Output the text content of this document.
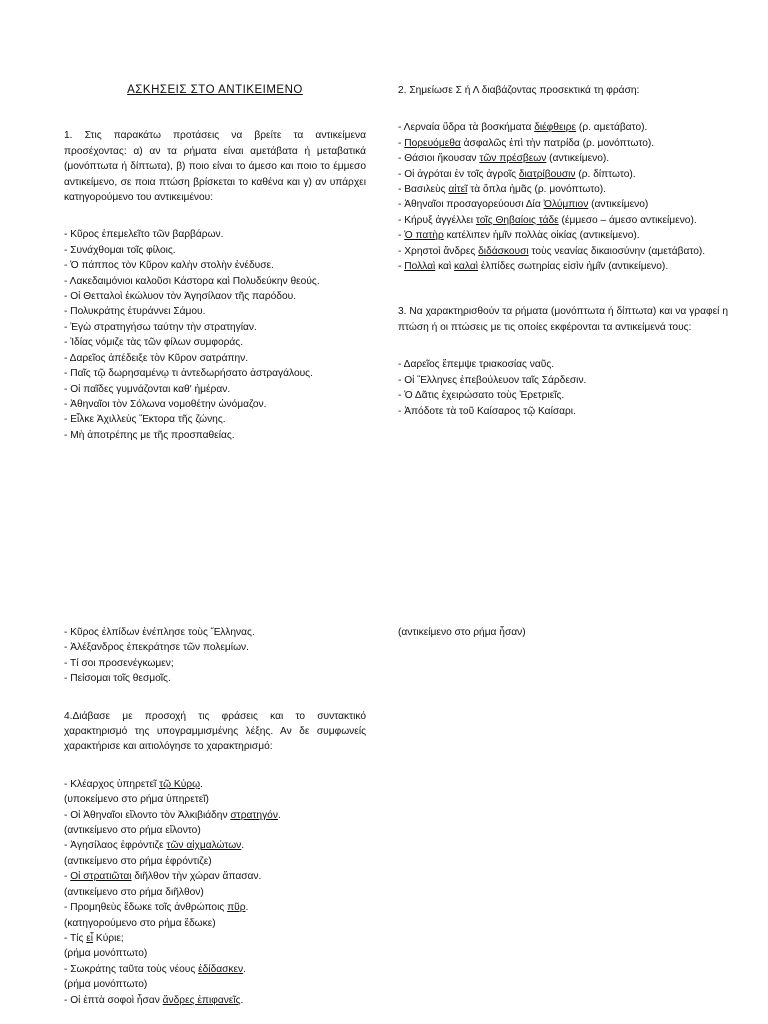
ΑΣΚΗΣΕΙΣ ΣΤΟ ΑΝΤΙΚΕΙΜΕΝΟ

1. Στις παρακάτω προτάσεις να βρείτε τα αντικείμενα προσέχοντας: α) αν τα ρήματα είναι αμετάβατα ή μεταβατικά (μονόπτωτα ή δίπτωτα), β) ποιο είναι το άμεσο και ποιο το έμμεσο αντικείμενο, σε ποια πτώση βρίσκεται το καθένα και γ) αν υπάρχει κατηγορούμενο του αντικειμένου:

- Κῦρος ἐπεμελεῖτο τῶν βαρβάρων.
- Συνάχθομαι τοῖς φίλοις.
- Ὁ πάππος τὸν Κῦρον καλὴν στολὴν ἐνέδυσε.
- Λακεδαιμόνιοι καλοῦσι Κάστορα καὶ Πολυδεύκην θεούς.
- Οἱ Θετταλοὶ ἐκώλυον τὸν Ἀγησίλαον τῆς παρόδου.
- Πολυκράτης ἐτυράννει Σάμου.
- Ἐγὼ στρατηγήσω ταύτην τὴν στρατηγίαν.
- Ἰδίας νόμιζε τὰς τῶν φίλων συμφοράς.
- Δαρεῖος ἀπέδειξε τὸν Κῦρον σατράπην.
- Παῖς τῷ δωρησαμένῳ τι ἀντεδωρήσατο ἀστραγάλους.
- Οἱ παῖδες γυμνάζονται καθ' ἡμέραν.
- Ἀθηναῖοι τὸν Σόλωνα νομοθέτην ὠνόμαζον.
- Εἷλκε Ἀχιλλεὺς Ἕκτορα τῆς ζώνης.
- Μὴ ἀποτρέπης με τῆς προσπαθείας.

2. Σημείωσε Σ ή Λ διαβάζοντας προσεκτικά τη φράση:

- Λερναία ὕδρα τὰ βοσκήματα διέφθειρε (ρ. αμετάβατο).
- Πορευόμεθα ἀσφαλῶς ἐπὶ τὴν πατρίδα (ρ. μονόπτωτο).
- Θάσιοι ἤκουσαν τῶν πρέσβεων (αντικείμενο).
- Οἱ ἀγρόται ἐν τοῖς ἀγροῖς διατρίβουσιν (ρ. δίπτωτο).
- Βασιλεὺς αἰτεῖ τὰ ὅπλα ἡμᾶς (ρ. μονόπτωτο).
- Ἀθηναῖοι προσαγορεύουσι Δία Ὀλύμπιον (αντικείμενο)
- Κήρυξ ἀγγέλλει τοῖς Θηβαίοις τάδε (έμμεσο – άμεσο αντικείμενο).
- Ὁ πατὴρ κατέλιπεν ἡμῖν πολλὰς οἰκίας (αντικείμενο).
- Χρηστοὶ ἄνδρες διδάσκουσι τοὺς νεανίας δικαιοσύνην (αμετάβατο).
- Πολλαὶ καὶ καλαὶ ἐλπίδες σωτηρίας εἰσὶν ἡμῖν (αντικείμενο).

3. Να χαρακτηρισθούν τα ρήματα (μονόπτωτα ή δίπτωτα) και να γραφεί η πτώση ή οι πτώσεις με τις οποίες εκφέρονται τα αντικείμενά τους:

- Δαρεῖος ἔπεμψε τριακοσίας ναῦς.
- Οἱ Ἕλληνες ἐπεβούλευον ταῖς Σάρδεσιν.
- Ὁ Δᾶτις ἐχειρώσατο τοὺς Ἐρετριεῖς.
- Ἀπόδοτε τὰ τοῦ Καίσαρος τῷ Καίσαρι.
- Κῦρος ἐλπίδων ἐνέπλησε τοὺς Ἕλληνας.
- Ἀλέξανδρος ἐπεκράτησε τῶν πολεμίων.
- Τί σοι προσενέγκωμεν;
- Πείσομαι τοῖς θεσμοῖς.

4.Διάβασε με προσοχή τις φράσεις και το συντακτικό χαρακτηρισμό της υπογραμμισμένης λέξης. Αν δε συμφωνείς χαρακτήρισε και αιτιολόγησε το χαρακτηρισμό:

- Κλέαρχος ὑπηρετεῖ τῷ Κύρῳ.
(υποκείμενο στο ρήμα ὑπηρετεῖ)
- Οἱ Ἀθηναῖοι εἵλοντο τὸν Ἀλκιβιάδην στρατηγόν.
(αντικείμενο στο ρήμα εἵλοντο)
- Ἀγησίλαος ἐφρόντιζε τῶν αἰχμαλώτων.
(αντικείμενο στο ρήμα ἐφρόντιζε)
- Οἱ στρατιῶται διῆλθον τὴν χώραν ἅπασαν.
(αντικείμενο στο ρήμα διῆλθον)
- Προμηθεὺς ἔδωκε τοῖς ἀνθρώποις πῦρ.
(κατηγορούμενο στο ρήμα ἔδωκε)
- Τίς εἶ Κύριε;
(ρήμα μονόπτωτο)
- Σωκράτης ταῦτα τοὺς νέους ἐδίδασκεν.
(ρήμα μονόπτωτο)
- Οἱ ἑπτὰ σοφοὶ ἦσαν ἄνδρες ἐπιφανεῖς.

(αντικείμενο στο ρήμα ἦσαν)
